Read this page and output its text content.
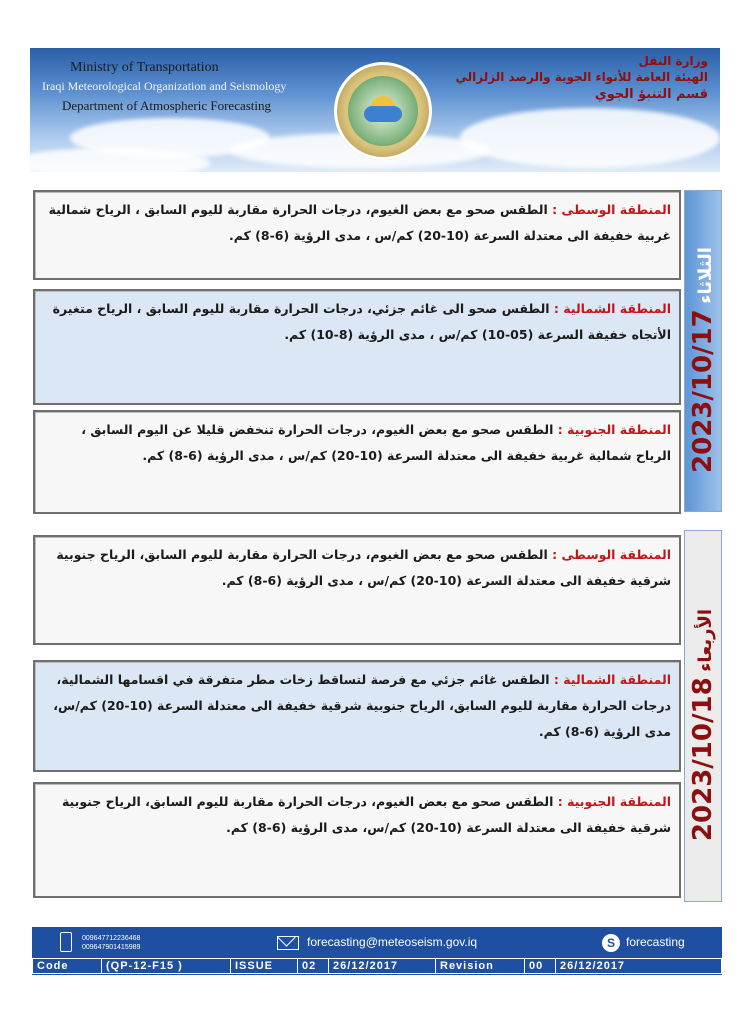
Ministry of Transportation
Iraqi Meteorological Organization and Seismology
Department of Atmospheric Forecasting
وزارة النقل
الهيئة العامة للأنواء الجوية والرصد الزلزالي
قسم التنبؤ الجوي
2023/10/17 الثلاثاء
2023/10/18 الأربعاء
المنطقة الوسطى : الطقس صحو مع بعض الغيوم، درجات الحرارة مقاربة لليوم السابق ، الرياح شمالية غربية خفيفة الى معتدلة السرعة (10-20) كم/س ، مدى الرؤية (6-8) كم.
المنطقة الشمالية : الطقس صحو الى غائم جزئي، درجات الحرارة مقاربة لليوم السابق ، الرياح متغيرة الأتجاه خفيفة السرعة (05-10) كم/س ، مدى الرؤية (8-10) كم.
المنطقة الجنوبية : الطقس صحو مع بعض الغيوم، درجات الحرارة تنخفض قليلا عن اليوم السابق ، الرياح شمالية غربية خفيفة الى معتدلة السرعة (10-20) كم/س ، مدى الرؤية (6-8) كم.
المنطقة الوسطى : الطقس صحو مع بعض الغيوم، درجات الحرارة مقاربة لليوم السابق، الرياح جنوبية شرقية خفيفة الى معتدلة السرعة (10-20) كم/س ، مدى الرؤية (6-8) كم.
المنطقة الشمالية : الطقس غائم جزئي مع فرصة لتساقط زخات مطر متفرقة في اقسامها الشمالية، درجات الحرارة مقاربة لليوم السابق، الرياح جنوبية شرقية خفيفة الى معتدلة السرعة (10-20) كم/س، مدى الرؤية (6-8) كم.
المنطقة الجنوبية : الطقس صحو مع بعض الغيوم، درجات الحرارة مقاربة لليوم السابق، الرياح جنوبية شرقية خفيفة الى معتدلة السرعة (10-20) كم/س، مدى الرؤية (6-8) كم.
009647712236468
009647901415989	forecasting@meteoseism.gov.iq	S forecasting
Code	(QP-12-F15 )	ISSUE	02	26/12/2017	Revision	00	26/12/2017
